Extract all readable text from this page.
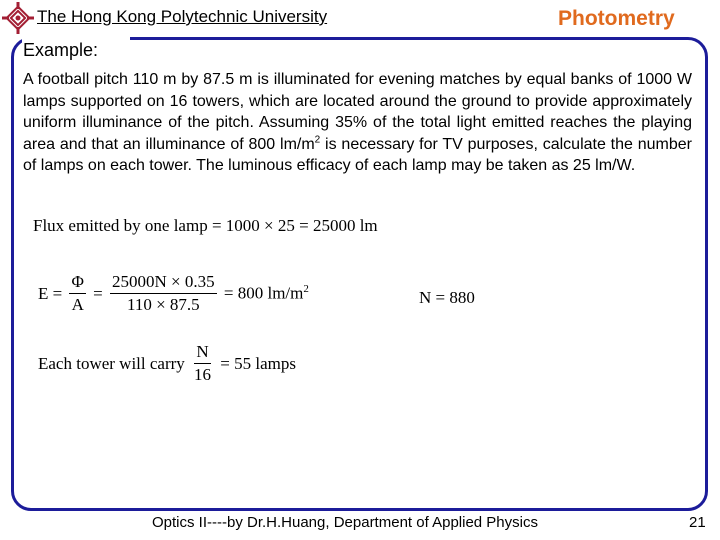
The Hong Kong Polytechnic University	Photometry
Example:
A football pitch 110 m by 87.5 m is illuminated for evening matches by equal banks of 1000 W lamps supported on 16 towers, which are located around the ground to provide approximately uniform illuminance of the pitch. Assuming 35% of the total light emitted reaches the playing area and that an illuminance of 800 $lm/m^2$ is necessary for TV purposes, calculate the number of lamps on each tower. The luminous efficacy of each lamp may be taken as 25 lm/W.
Flux emitted by one lamp = 1000 × 25 = 25000 lm
$E = \frac{\Phi}{A} = \frac{25000N \times 0.35}{110 \times 87.5} = 800$ $lm/m^2$	N = 880
Each tower will carry $\frac{N}{16} = 55$ lamps
Optics II----by Dr.H.Huang, Department of Applied Physics	21
